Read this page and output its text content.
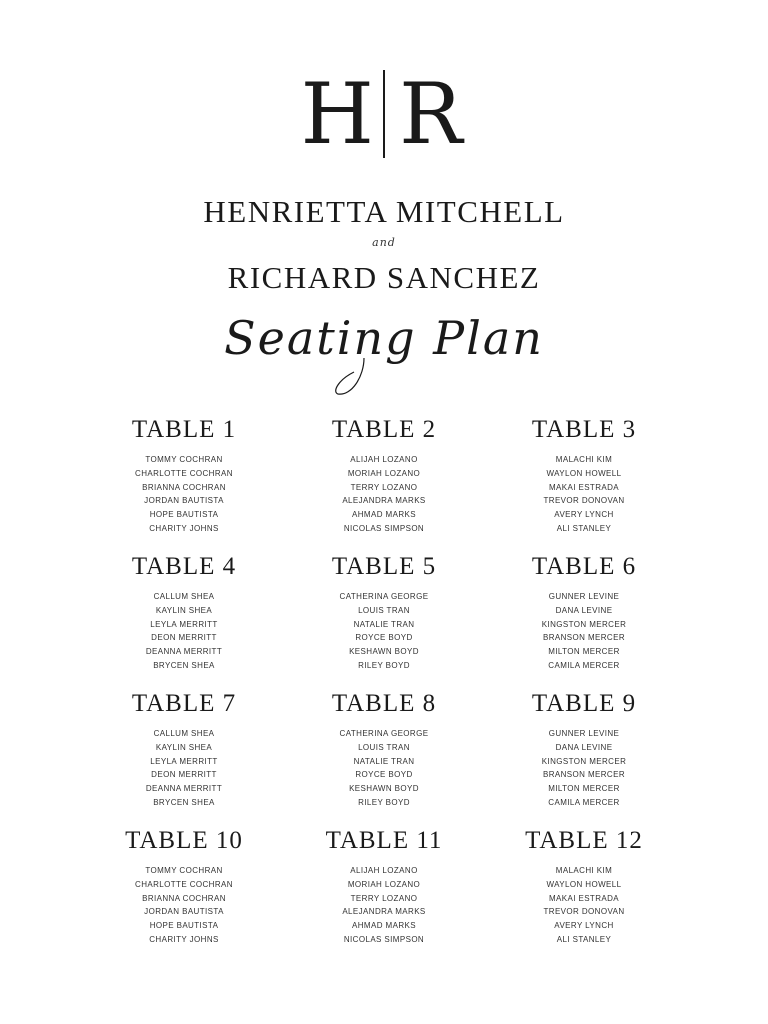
H R
HENRIETTA MITCHELL
and
RICHARD SANCHEZ
Seating Plan
TABLE 1
TOMMY COCHRAN
CHARLOTTE COCHRAN
BRIANNA COCHRAN
JORDAN BAUTISTA
HOPE BAUTISTA
CHARITY JOHNS
TABLE 2
ALIJAH LOZANO
MORIAH LOZANO
TERRY LOZANO
ALEJANDRA MARKS
AHMAD MARKS
NICOLAS SIMPSON
TABLE 3
MALACHI KIM
WAYLON HOWELL
MAKAI ESTRADA
TREVOR DONOVAN
AVERY LYNCH
ALI STANLEY
TABLE 4
CALLUM SHEA
KAYLIN SHEA
LEYLA MERRITT
DEON MERRITT
DEANNA MERRITT
BRYCEN SHEA
TABLE 5
CATHERINA GEORGE
LOUIS TRAN
NATALIE TRAN
ROYCE BOYD
KESHAWN BOYD
RILEY BOYD
TABLE 6
GUNNER LEVINE
DANA LEVINE
KINGSTON MERCER
BRANSON MERCER
MILTON MERCER
CAMILA MERCER
TABLE 7
CALLUM SHEA
KAYLIN SHEA
LEYLA MERRITT
DEON MERRITT
DEANNA MERRITT
BRYCEN SHEA
TABLE 8
CATHERINA GEORGE
LOUIS TRAN
NATALIE TRAN
ROYCE BOYD
KESHAWN BOYD
RILEY BOYD
TABLE 9
GUNNER LEVINE
DANA LEVINE
KINGSTON MERCER
BRANSON MERCER
MILTON MERCER
CAMILA MERCER
TABLE 10
TOMMY COCHRAN
CHARLOTTE COCHRAN
BRIANNA COCHRAN
JORDAN BAUTISTA
HOPE BAUTISTA
CHARITY JOHNS
TABLE 11
ALIJAH LOZANO
MORIAH LOZANO
TERRY LOZANO
ALEJANDRA MARKS
AHMAD MARKS
NICOLAS SIMPSON
TABLE 12
MALACHI KIM
WAYLON HOWELL
MAKAI ESTRADA
TREVOR DONOVAN
AVERY LYNCH
ALI STANLEY
